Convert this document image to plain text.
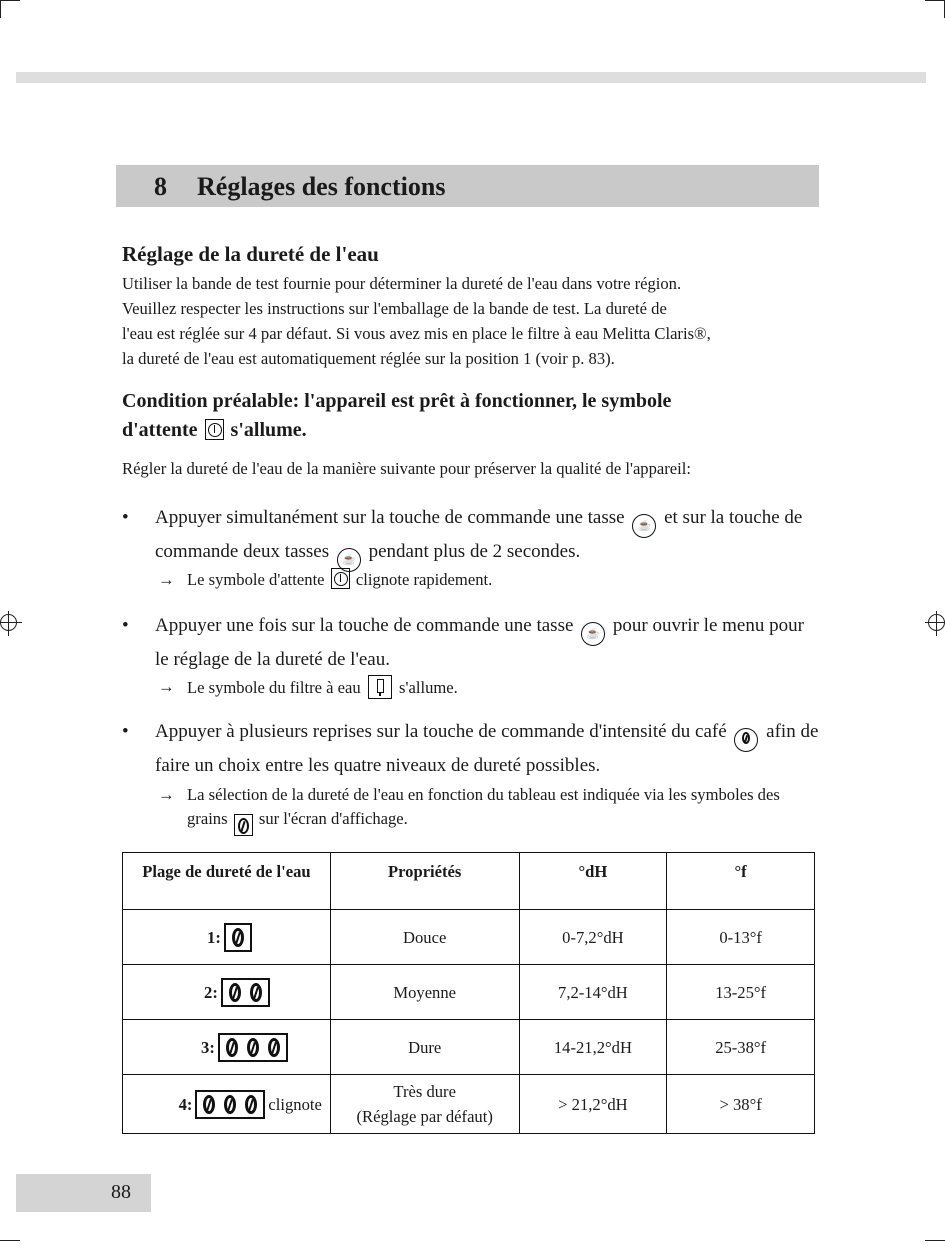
8 Réglages des fonctions
Réglage de la dureté de l'eau

Utiliser la bande de test fournie pour déterminer la dureté de l'eau dans votre région.
Veuillez respecter les instructions sur l'emballage de la bande de test. La dureté de
l'eau est réglée sur 4 par défaut. Si vous avez mis en place le filtre à eau Melitta Claris®,
la dureté de l'eau est automatiquement réglée sur la position 1 (voir p. 83).

Condition préalable: l'appareil est prêt à fonctionner, le symbole
d'attente s'allume.

Régler la dureté de l'eau de la manière suivante pour préserver la qualité de l'appareil:

• Appuyer simultanément sur la touche de commande une tasse ☕ et sur la touche de commande deux tasses ☕ pendant plus de 2 secondes.
→ Le symbole d'attente clignote rapidement.
• Appuyer une fois sur la touche de commande une tasse ☕ pour ouvrir le menu pour le réglage de la dureté de l'eau.
→ Le symbole du filtre à eau s'allume.
• Appuyer à plusieurs reprises sur la touche de commande d'intensité du café afin de faire un choix entre les quatre niveaux de dureté possibles.
→ La sélection de la dureté de l'eau en fonction du tableau est indiquée via les symboles des grains sur l'écran d'affichage.
Plage de dureté de l'eau	Propriétés	°dH	°f

1:	Douce	0-7,2°dH	0-13°f

2:	Moyenne	7,2-14°dH	13-25°f

3:	Dure	14-21,2°dH	25-38°f

4: clignote	Très dure
(Réglage par défaut)	> 21,2°dH	> 38°f
88
